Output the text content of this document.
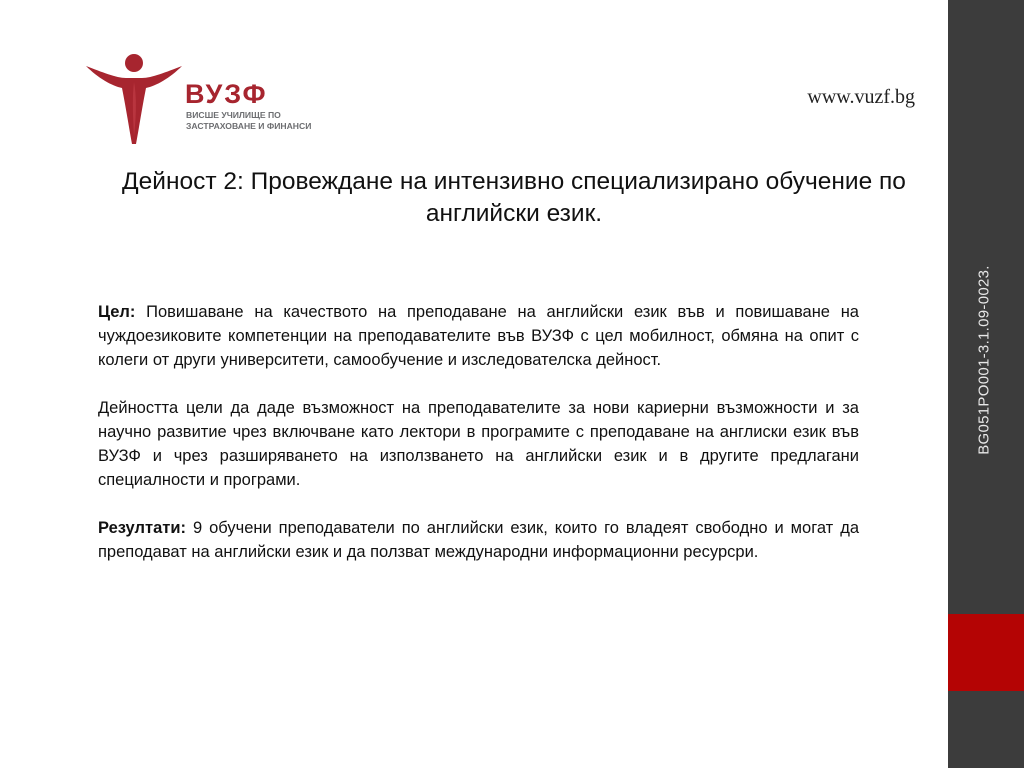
ВУЗФ
ВИСШЕ УЧИЛИЩЕ ПО
ЗАСТРАХОВАНЕ И ФИНАНСИ
www.vuzf.bg
Дейност 2: Провеждане на интензивно специализирано обучение по английски език.

Цел: Повишаване на качеството на преподаване на английски език във и повишаване на чуждоезиковите компетенции на преподавателите във ВУЗФ с цел мобилност, обмяна на опит с колеги от други университети, самообучение и изследователска дейност.

Дейността цели да даде възможност на преподавателите за нови кариерни възможности и за научно развитие чрез включване като лектори в програмите с преподаване на англиски език във ВУЗФ и чрез разширяването на използването на английски език и в другите предлагани специалности и програми.

Резултати: 9 обучени преподаватели по английски език, които го владеят свободно и могат да преподават на английски език и да ползват международни информационни ресурсри.

BG051PO001-3.1.09-0023.
